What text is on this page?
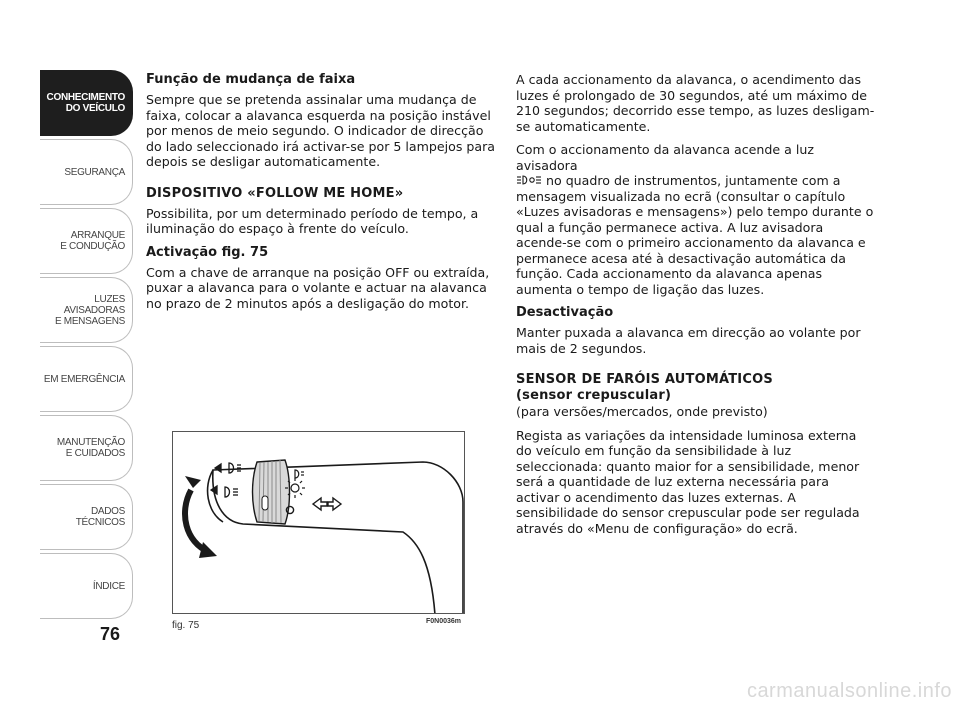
CONHECIMENTO
DO VEÍCULO
SEGURANÇA
ARRANQUE
E CONDUÇÃO
LUZES
AVISADORAS
E MENSAGENS
EM EMERGÊNCIA
MANUTENÇÃO
E CUIDADOS
DADOS
TÉCNICOS
ÍNDICE
76
Função de mudança de faixa

Sempre que se pretenda assinalar uma mudança de faixa, colocar a alavanca esquerda na posição instável por menos de meio segundo. O indicador de direcção do lado seleccionado irá activar-se por 5 lampejos para depois se desligar automaticamente.

DISPOSITIVO «FOLLOW ME HOME»

Possibilita, por um determinado período de tempo, a iluminação do espaço à frente do veículo.

Activação fig. 75

Com a chave de arranque na posição OFF ou extraída, puxar a alavanca para o volante e actuar na alavanca no prazo de 2 minutos após a desligação do motor.

A cada accionamento da alavanca, o acendimento das luzes é prolongado de 30 segundos, até um máximo de 210 segundos; decorrido esse tempo, as luzes desligam-se automaticamente.

Com o accionamento da alavanca acende a luz avisadora
no quadro de instrumentos, juntamente com a mensagem visualizada no ecrã (consultar o capítulo «Luzes avisadoras e mensagens») pelo tempo durante o qual a função permanece activa. A luz avisadora acende-se com o primeiro accionamento da alavanca e permanece acesa até à desactivação automática da função. Cada accionamento da alavanca apenas aumenta o tempo de ligação das luzes.

Desactivação

Manter puxada a alavanca em direcção ao volante por mais de 2 segundos.

SENSOR DE FARÓIS AUTOMÁTICOS
(sensor crepuscular)

(para versões/mercados, onde previsto)

Regista as variações da intensidade luminosa externa do veículo em função da sensibilidade à luz seleccionada: quanto maior for a sensibilidade, menor será a quantidade de luz externa necessária para activar o acendimento das luzes externas. A sensibilidade do sensor crepuscular pode ser regulada através do «Menu de configuração» do ecrã.

fig. 75	F0N0036m
carmanualsonline.info
